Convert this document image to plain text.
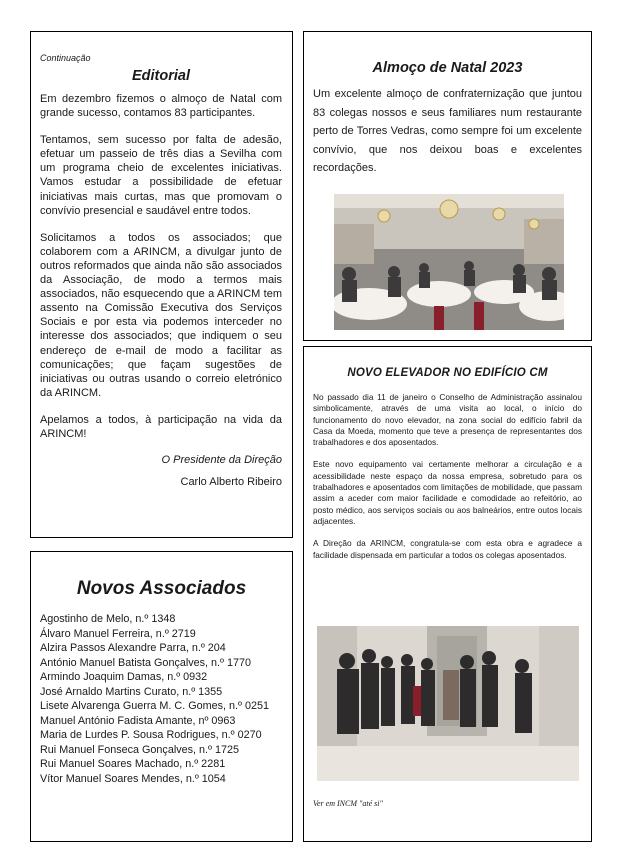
Continuação

Editorial

Em dezembro fizemos o almoço de Natal com grande sucesso, contamos 83 participantes.

Tentamos, sem sucesso por falta de adesão, efetuar um passeio de três dias a Sevilha com um programa cheio de excelentes iniciativas. Vamos estudar a possibilidade de efetuar iniciativas mais curtas, mas que promovam o convívio presencial e saudável entre todos.

Solicitamos a todos os associados; que colaborem com a ARINCM, a divulgar junto de outros reformados que ainda não são associados da Associação, de modo a termos mais associados, não esquecendo que a ARINCM tem assento na Comissão Executiva dos Serviços Sociais e por esta via podemos interceder no interesse dos associados; que indiquem o seu endereço de e-mail de modo a facilitar as comunicações; que façam sugestões de iniciativas ou outras usando o correio eletrónico da ARINCM.

Apelamos a todos, à participação na vida da ARINCM!

O Presidente da Direção

Carlo Alberto Ribeiro

Almoço de Natal 2023

Um excelente almoço de confraternização que juntou 83 colegas nossos e seus familiares num restaurante perto de Torres Vedras, como sempre foi um excelente convívio, que nos deixou boas e excelentes recordações.

NOVO ELEVADOR NO EDIFÍCIO CM

No passado dia 11 de janeiro o Conselho de Administração assinalou simbolicamente, através de uma visita ao local, o início do funcionamento do novo elevador, na zona social do edifício fabril da Casa da Moeda, momento que teve a presença de representantes dos trabalhadores e dos aposentados.

Este novo equipamento vai certamente melhorar a circulação e a acessibilidade neste espaço da nossa empresa, sobretudo para os trabalhadores e aposentados com limitações de mobilidade, que passam assim a aceder com maior facilidade e comodidade ao refeitório, ao posto médico, aos serviços sociais ou aos balneários, entre outos locais adjacentes.

A Direção da ARINCM, congratula-se com esta obra e agradece a facilidade dispensada em particular a todos os colegas aposentados.

Ver em INCM "até si"

Novos Associados
Agostinho de Melo, n.º 1348
Álvaro Manuel Ferreira, n.º 2719
Alzira Passos Alexandre Parra, n.º 204
António Manuel Batista Gonçalves, n.º 1770
Armindo Joaquim Damas, n.º 0932
José Arnaldo Martins Curato, n.º 1355
Lisete Alvarenga Guerra M. C. Gomes, n.º 0251
Manuel António Fadista Amante, nº 0963
Maria de Lurdes P. Sousa Rodrigues, n.º 0270
Rui Manuel Fonseca Gonçalves, n.º 1725
Rui Manuel Soares Machado, n.º 2281
Vítor Manuel Soares Mendes, n.º 1054
